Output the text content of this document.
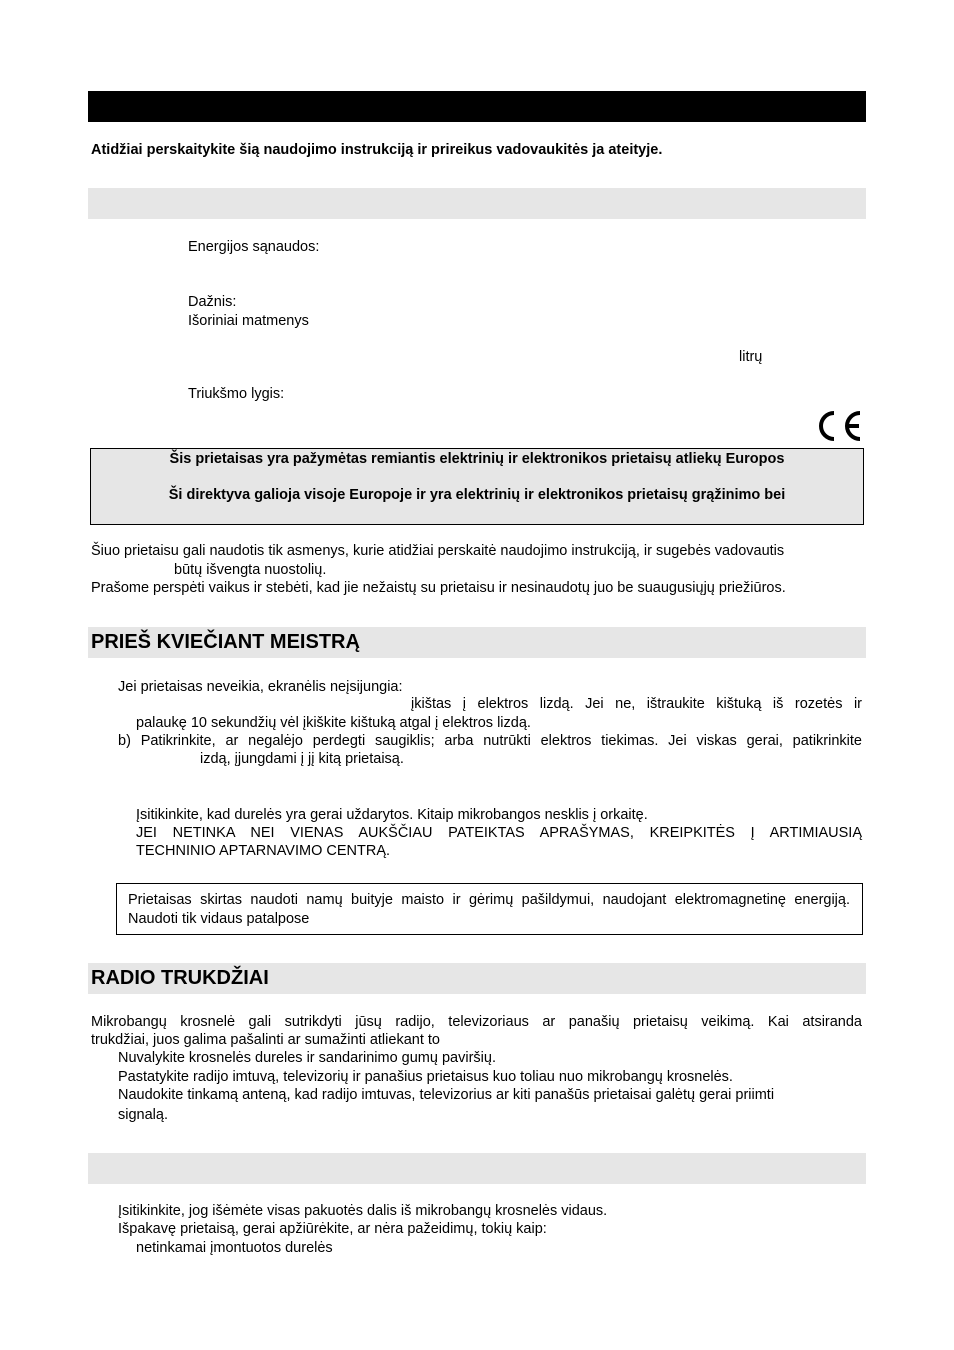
Atidžiai perskaitykite šią naudojimo instrukciją ir prireikus vadovaukitės ja ateityje.
Energijos sąnaudos:
Dažnis:
Išoriniai matmenys
litrų
Triukšmo lygis:
Šis prietaisas yra pažymėtas remiantis elektrinių ir elektronikos prietaisų atliekų Europos
Ši direktyva galioja visoje Europoje ir yra elektrinių ir elektronikos prietaisų grąžinimo bei
Šiuo prietaisu gali naudotis tik asmenys, kurie atidžiai perskaitė naudojimo instrukciją, ir sugebės vadovautis
būtų išvengta nuostolių.
Prašome perspėti vaikus ir stebėti, kad jie nežaistų su prietaisu ir nesinaudotų juo be suaugusiųjų priežiūros.
PRIEŠ KVIEČIANT MEISTRĄ
Jei prietaisas neveikia, ekranėlis neįsijungia:
įkištas į elektros lizdą. Jei ne, ištraukite kištuką iš rozetės ir
palaukę 10 sekundžių vėl įkiškite kištuką atgal į elektros lizdą.
b) Patikrinkite, ar negalėjo perdegti saugiklis; arba nutrūkti elektros tiekimas. Jei viskas gerai, patikrinkite
izdą, įjungdami į jį kitą prietaisą.
Įsitikinkite, kad durelės yra gerai uždarytos. Kitaip mikrobangos nesklis į orkaitę.
JEI NETINKA NEI VIENAS AUKŠČIAU PATEIKTAS APRAŠYMAS, KREIPKITĖS Į ARTIMIAUSIĄ
TECHNINIO APTARNAVIMO CENTRĄ.

Prietaisas skirtas naudoti namų buityje maisto ir gėrimų pašildymui, naudojant elektromagnetinę energiją. Naudoti tik vidaus patalpose

RADIO TRUKDŽIAI
Mikrobangų krosnelė gali sutrikdyti jūsų radijo, televizoriaus ar panašių prietaisų veikimą. Kai atsiranda
trukdžiai, juos galima pašalinti ar sumažinti atliekant to
Nuvalykite krosnelės dureles ir sandarinimo gumų paviršių.
Pastatykite radijo imtuvą, televizorių ir panašius prietaisus kuo toliau nuo mikrobangų krosnelės.
Naudokite tinkamą anteną, kad radijo imtuvas, televizorius ar kiti panašūs prietaisai galėtų gerai priimti
signalą.
Įsitikinkite, jog išėmėte visas pakuotės dalis iš mikrobangų krosnelės vidaus.
Išpakavę prietaisą, gerai apžiūrėkite, ar nėra pažeidimų, tokių kaip:
netinkamai įmontuotos durelės
